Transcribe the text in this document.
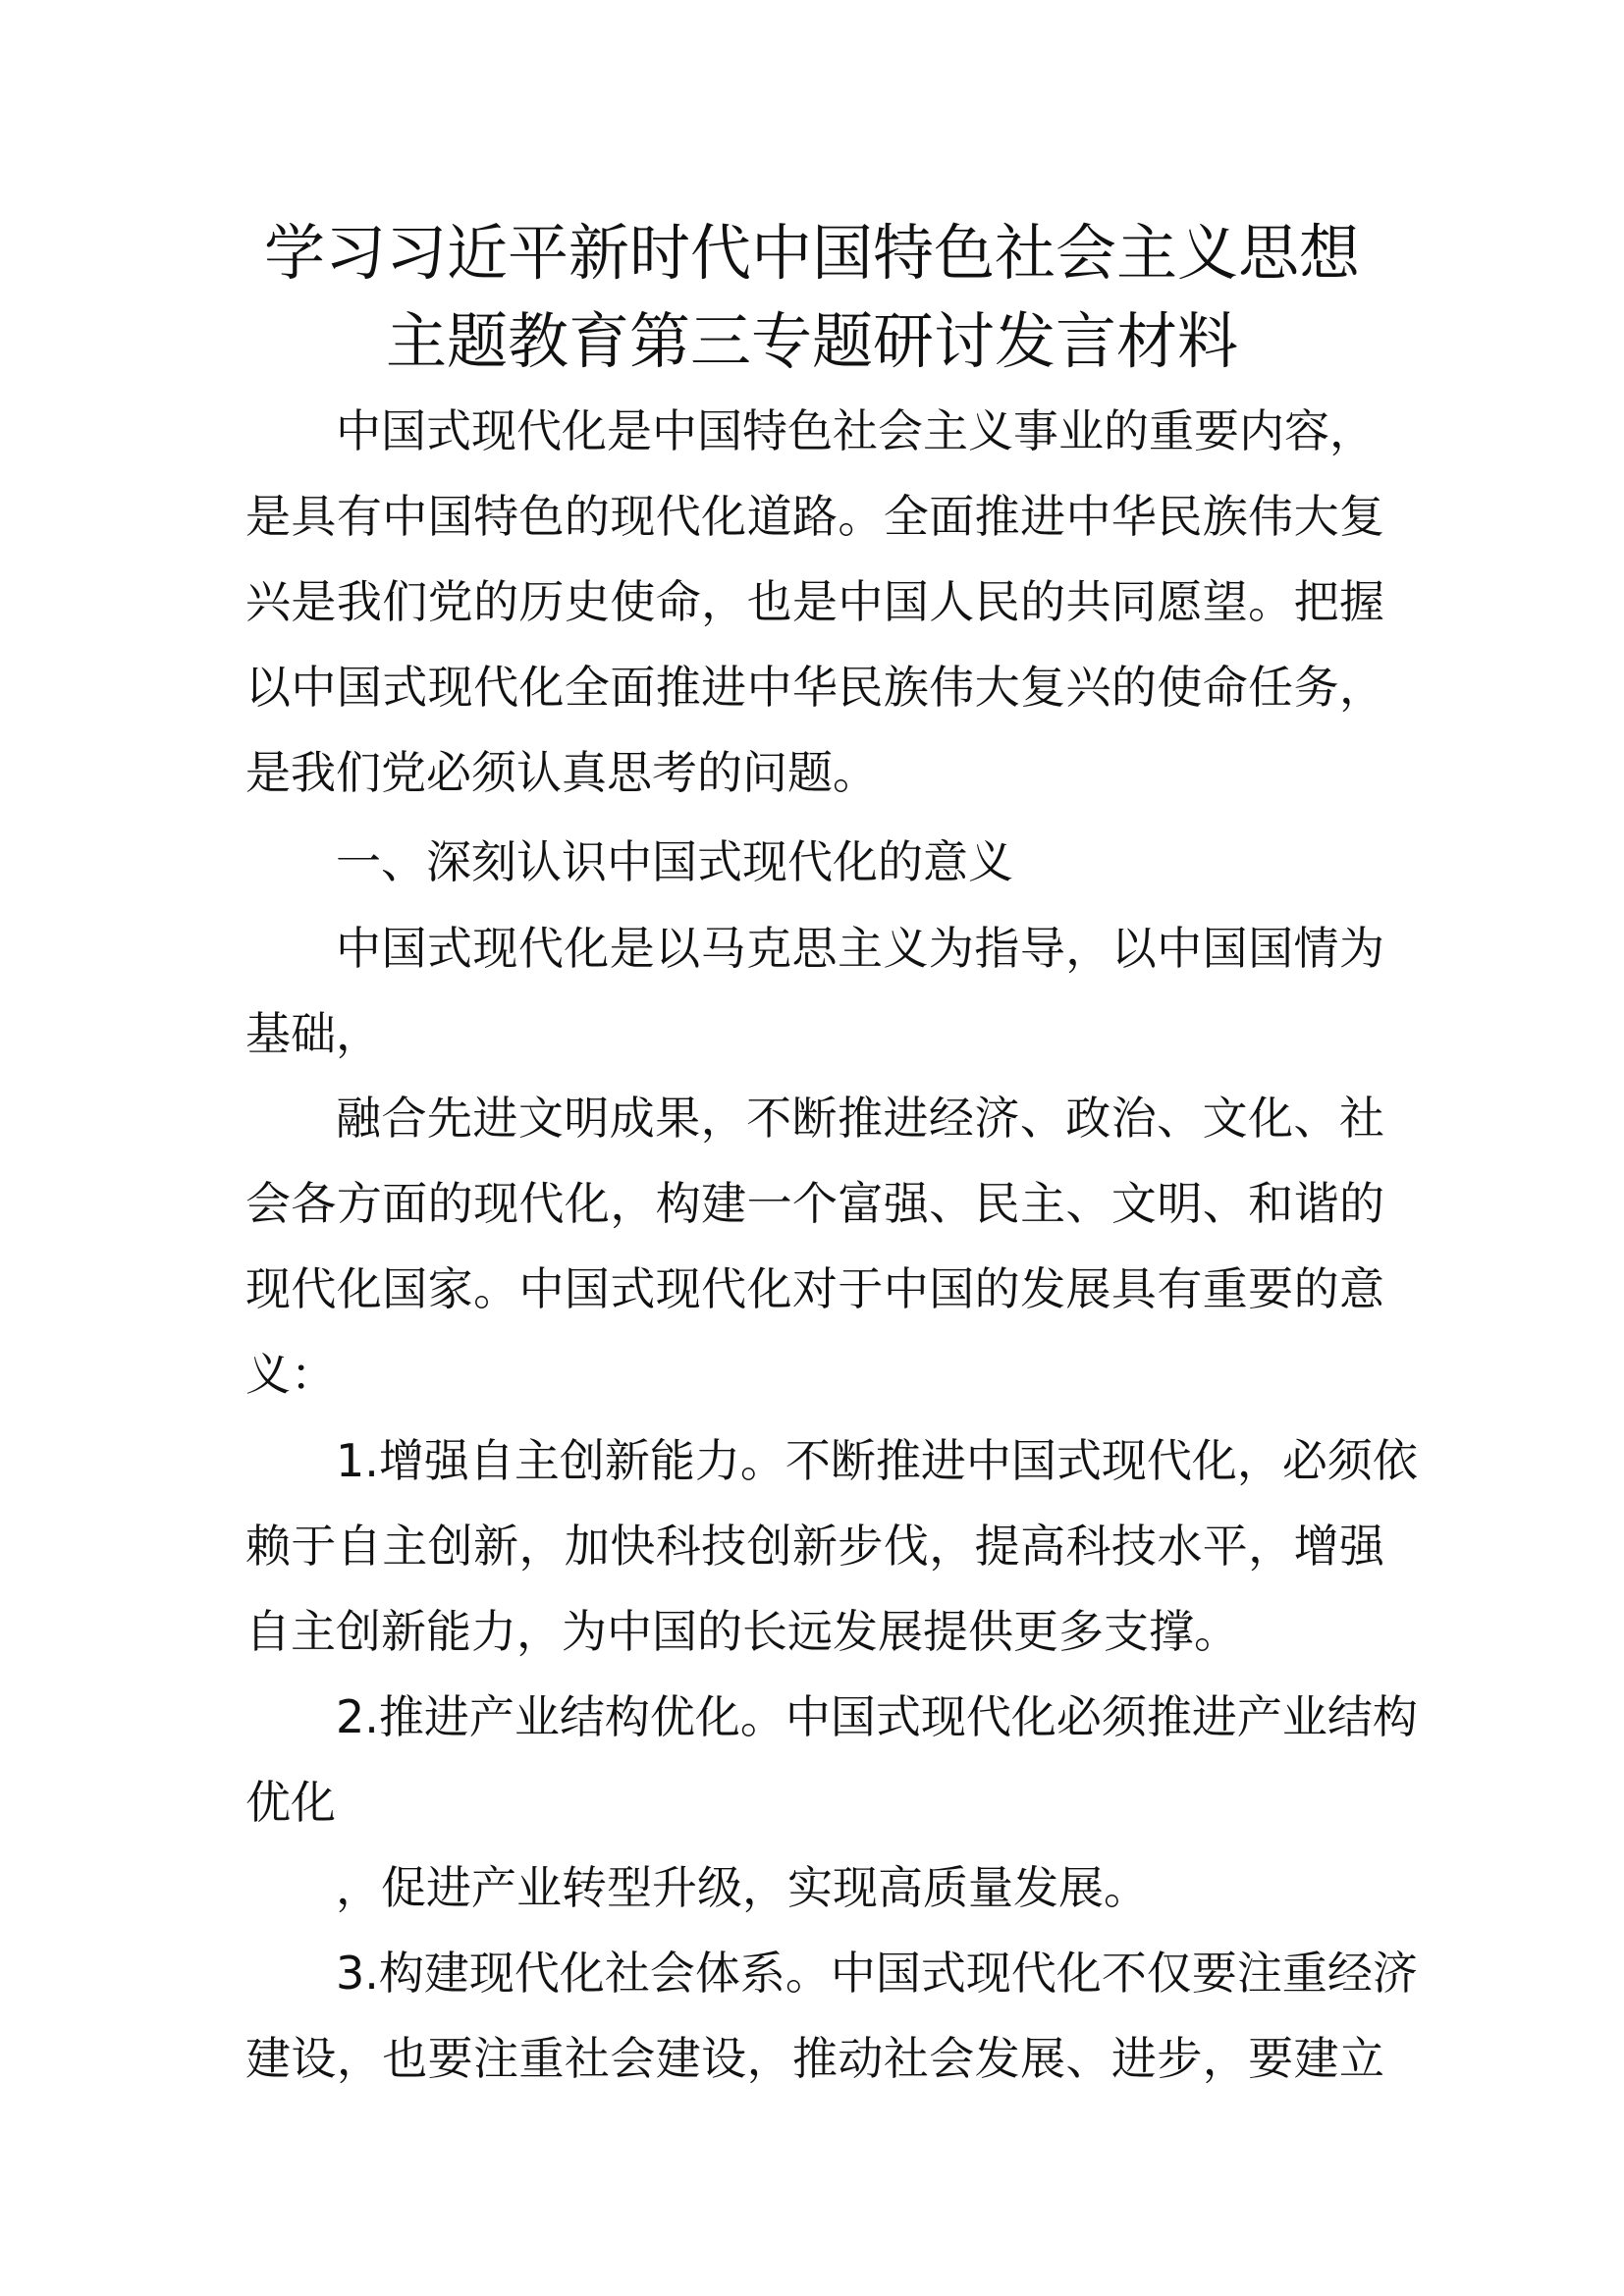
学习习近平新时代中国特色社会主义思想
主题教育第三专题研讨发言材料

中国式现代化是中国特色社会主义事业的重要内容，

是具有中国特色的现代化道路。全面推进中华民族伟大复

兴是我们党的历史使命，也是中国人民的共同愿望。把握

以中国式现代化全面推进中华民族伟大复兴的使命任务，

是我们党必须认真思考的问题。

一、深刻认识中国式现代化的意义

中国式现代化是以马克思主义为指导，以中国国情为

基础，

融合先进文明成果，不断推进经济、政治、文化、社

会各方面的现代化，构建一个富强、民主、文明、和谐的

现代化国家。中国式现代化对于中国的发展具有重要的意

义：

1.增强自主创新能力。不断推进中国式现代化，必须依

赖于自主创新，加快科技创新步伐，提高科技水平，增强

自主创新能力，为中国的长远发展提供更多支撑。

2.推进产业结构优化。中国式现代化必须推进产业结构

优化

，促进产业转型升级，实现高质量发展。

3.构建现代化社会体系。中国式现代化不仅要注重经济

建设，也要注重社会建设，推动社会发展、进步，要建立
